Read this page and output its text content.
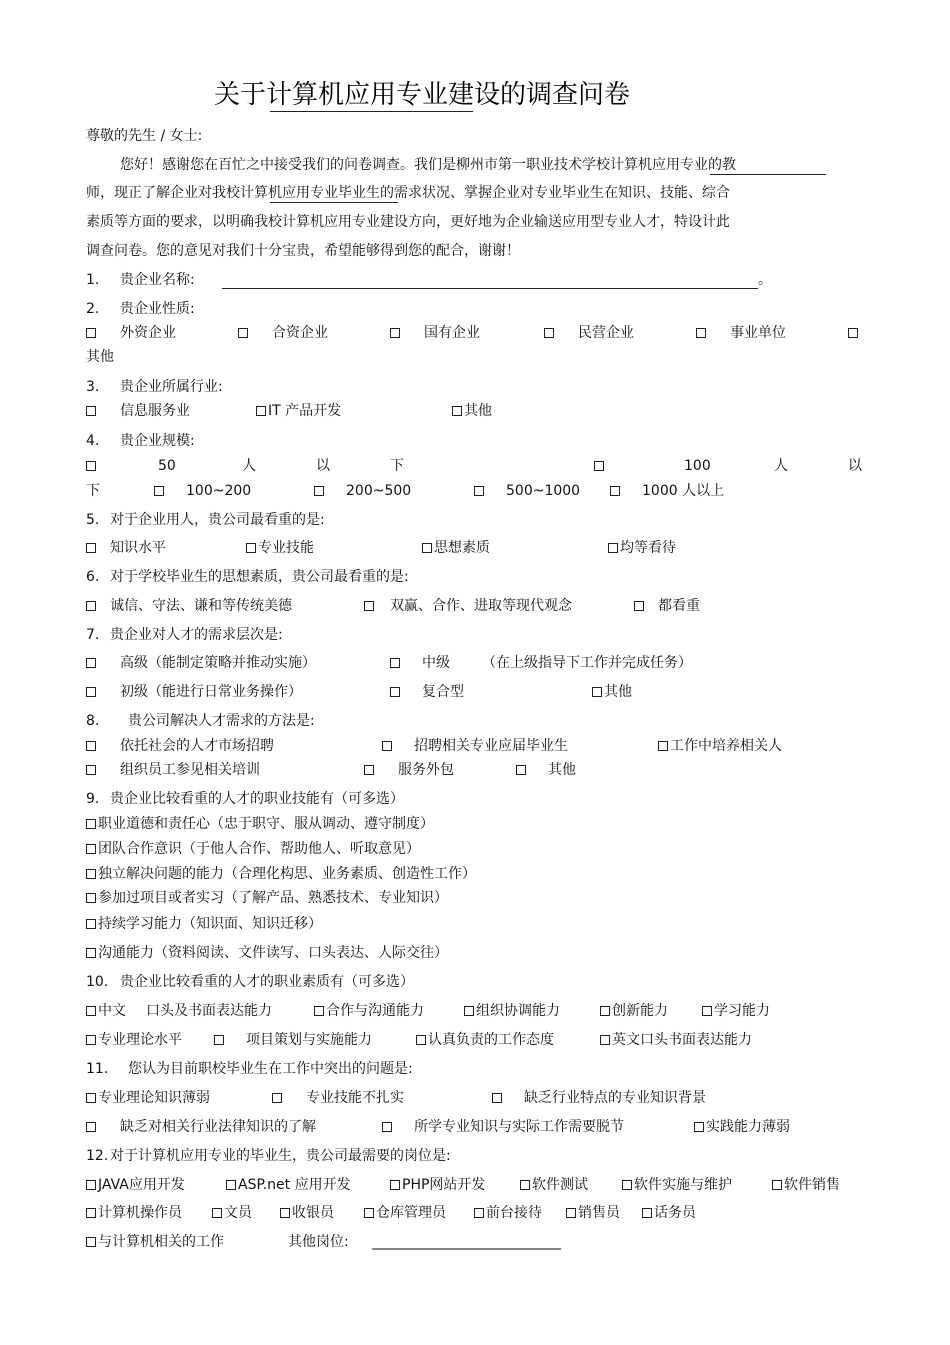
关于计算机应用专业建设的调查问卷
尊敬的先生 / 女士:
您好！感谢您在百忙之中接受我们的问卷调查。我们是柳州市第一职业技术学校计算机应用专业的教
师，现正了解企业对我校计算机应用专业毕业生的需求状况、掌握企业对专业毕业生在知识、技能、综合
素质等方面的要求，以明确我校计算机应用专业建设方向，更好地为企业输送应用型专业人才，特设计此
调查问卷。您的意见对我们十分宝贵，希望能够得到您的配合，谢谢！
1. 贵企业名称:	。
2. 贵企业性质:
外资企业	合资企业	国有企业	民营企业	事业单位
其他
3. 贵企业所属行业:
信息服务业	IT 产品开发	其他
4. 贵企业规模:
50	人	以	下	100	人	以
下	100~200	200~500	500~1000	1000 人以上
5. 对于企业用人，贵公司最看重的是:
知识水平	专业技能	思想素质	均等看待
6. 对于学校毕业生的思想素质，贵公司最看重的是:
诚信、守法、谦和等传统美德	双赢、合作、进取等现代观念	都看重
7. 贵企业对人才的需求层次是:
高级（能制定策略并推动实施）	中级 （在上级指导下工作并完成任务）
初级（能进行日常业务操作）	复合型	其他
8. 贵公司解决人才需求的方法是:
依托社会的人才市场招聘	招聘相关专业应届毕业生	工作中培养相关人
组织员工参见相关培训	服务外包	其他
9. 贵企业比较看重的人才的职业技能有（可多选）
职业道德和责任心（忠于职守、服从调动、遵守制度）
团队合作意识（于他人合作、帮助他人、听取意见）
独立解决问题的能力（合理化构思、业务素质、创造性工作）
参加过项目或者实习（了解产品、熟悉技术、专业知识）
持续学习能力（知识面、知识迁移）
沟通能力（资料阅读、文件读写、口头表达、人际交往）
10. 贵企业比较看重的人才的职业素质有（可多选）
中文 口头及书面表达能力	合作与沟通能力	组织协调能力	创新能力	学习能力
专业理论水平	项目策划与实施能力	认真负责的工作态度	英文口头书面表达能力
11. 您认为目前职校毕业生在工作中突出的问题是:
专业理论知识薄弱	专业技能不扎实	缺乏行业特点的专业知识背景
缺乏对相关行业法律知识的了解	所学专业知识与实际工作需要脱节	实践能力薄弱
12. 对于计算机应用专业的毕业生，贵公司最需要的岗位是:
JAVA应用开发	ASP.net 应用开发	PHP网站开发	软件测试	软件实施与维护	软件销售
计算机操作员	文员	收银员	仓库管理员	前台接待	销售员	话务员
与计算机相关的工作	其他岗位: ___________________________
